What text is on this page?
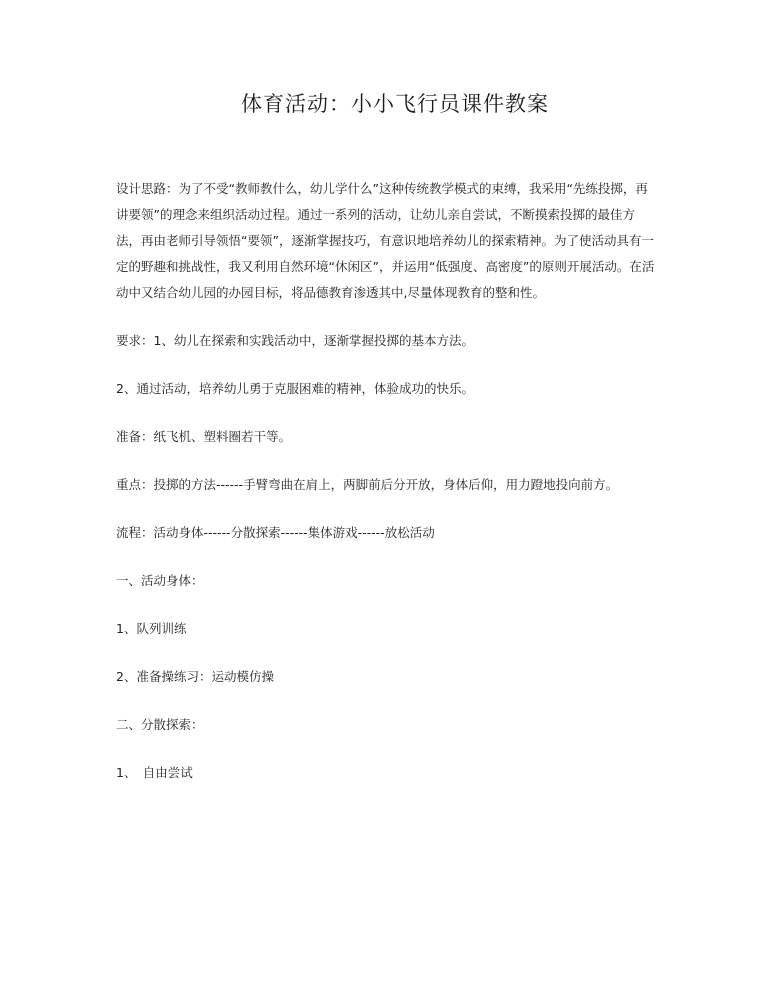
体育活动：小小飞行员课件教案

设计思路：为了不受“教师教什么，幼儿学什么”这种传统教学模式的束缚，我采用“先练投掷，再讲要领”的理念来组织活动过程。通过一系列的活动，让幼儿亲自尝试，不断摸索投掷的最佳方法，再由老师引导领悟“要领”，逐渐掌握技巧，有意识地培养幼儿的探索精神。为了使活动具有一定的野趣和挑战性，我又利用自然环境“休闲区”，并运用“低强度、高密度”的原则开展活动。在活动中又结合幼儿园的办园目标，将品德教育渗透其中,尽量体现教育的整和性。

要求：1、幼儿在探索和实践活动中，逐渐掌握投掷的基本方法。

2、通过活动，培养幼儿勇于克服困难的精神，体验成功的快乐。

准备：纸飞机、塑料圈若干等。

重点：投掷的方法------手臂弯曲在肩上，两脚前后分开放，身体后仰，用力蹬地投向前方。

流程：活动身体------分散探索------集体游戏------放松活动

一、活动身体：

1、队列训练

2、准备操练习：运动模仿操

二、分散探索：

1、　自由尝试
